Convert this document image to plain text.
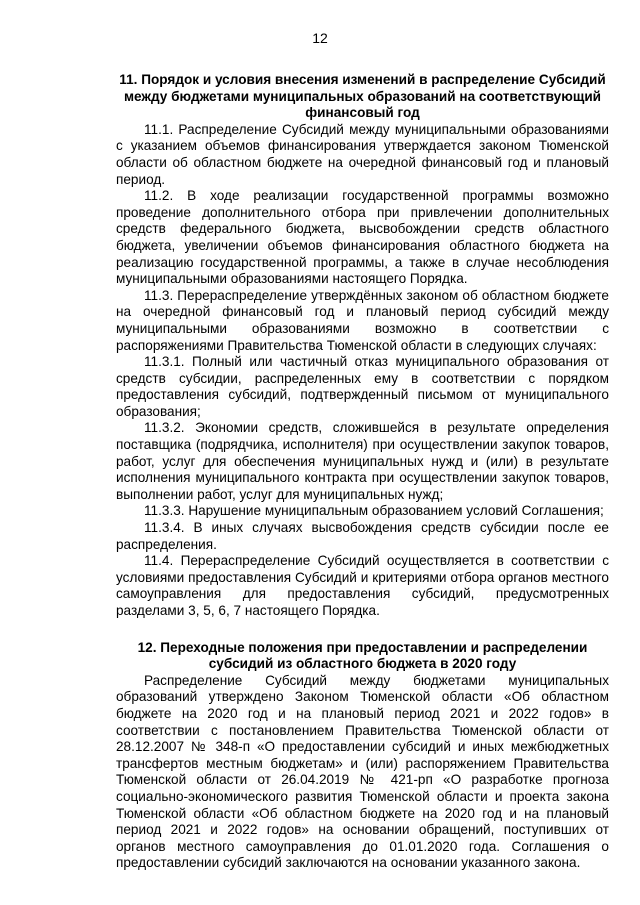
12

11. Порядок и условия внесения изменений в распределение Субсидий между бюджетами муниципальных образований на соответствующий финансовый год

11.1. Распределение Субсидий между муниципальными образованиями с указанием объемов финансирования утверждается законом Тюменской области об областном бюджете на очередной финансовый год и плановый период.

11.2. В ходе реализации государственной программы возможно проведение дополнительного отбора при привлечении дополнительных средств федерального бюджета, высвобождении средств областного бюджета, увеличении объемов финансирования областного бюджета на реализацию государственной программы, а также в случае несоблюдения муниципальными образованиями настоящего Порядка.

11.3. Перераспределение утверждённых законом об областном бюджете на очередной финансовый год и плановый период субсидий между муниципальными образованиями возможно в соответствии с распоряжениями Правительства Тюменской области в следующих случаях:

11.3.1. Полный или частичный отказ муниципального образования от средств субсидии, распределенных ему в соответствии с порядком предоставления субсидий, подтвержденный письмом от муниципального образования;

11.3.2. Экономии средств, сложившейся в результате определения поставщика (подрядчика, исполнителя) при осуществлении закупок товаров, работ, услуг для обеспечения муниципальных нужд и (или) в результате исполнения муниципального контракта при осуществлении закупок товаров, выполнении работ, услуг для муниципальных нужд;

11.3.3. Нарушение муниципальным образованием условий Соглашения;

11.3.4. В иных случаях высвобождения средств субсидии после ее распределения.

11.4. Перераспределение Субсидий осуществляется в соответствии с условиями предоставления Субсидий и критериями отбора органов местного самоуправления для предоставления субсидий, предусмотренных разделами 3, 5, 6, 7 настоящего Порядка.

12. Переходные положения при предоставлении и распределении субсидий из областного бюджета в 2020 году

Распределение Субсидий между бюджетами муниципальных образований утверждено Законом Тюменской области «Об областном бюджете на 2020 год и на плановый период 2021 и 2022 годов» в соответствии с постановлением Правительства Тюменской области от 28.12.2007 № 348-п «О предоставлении субсидий и иных межбюджетных трансфертов местным бюджетам» и (или) распоряжением Правительства Тюменской области от 26.04.2019 № 421-рп «О разработке прогноза социально-экономического развития Тюменской области и проекта закона Тюменской области «Об областном бюджете на 2020 год и на плановый период 2021 и 2022 годов» на основании обращений, поступивших от органов местного самоуправления до 01.01.2020 года. Соглашения о предоставлении субсидий заключаются на основании указанного закона.
